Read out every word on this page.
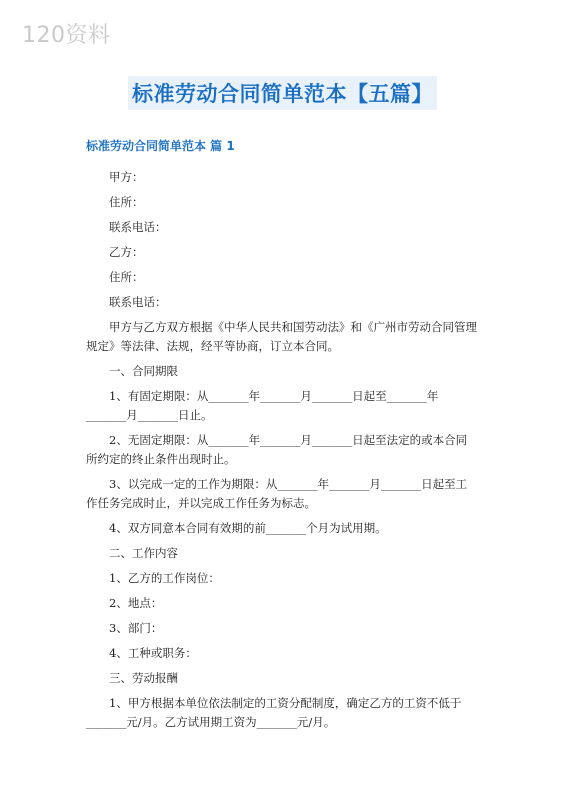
120资料
标准劳动合同简单范本【五篇】
标准劳动合同简单范本 篇 1

甲方：

住所：

联系电话：

乙方：

住所：

联系电话：

甲方与乙方双方根据《中华人民共和国劳动法》和《广州市劳动合同管理规定》等法律、法规，经平等协商，订立本合同。

一、合同期限

1、有固定期限：从_______年_______月_______日起至_______年_______月_______日止。

2、无固定期限：从_______年_______月_______日起至法定的或本合同所约定的终止条件出现时止。

3、以完成一定的工作为期限：从_______年_______月_______日起至工作任务完成时止，并以完成工作任务为标志。

4、双方同意本合同有效期的前_______个月为试用期。

二、工作内容

1、乙方的工作岗位：

2、地点：

3、部门：

4、工种或职务：

三、劳动报酬

1、甲方根据本单位依法制定的工资分配制度，确定乙方的工资不低于_______元/月。乙方试用期工资为_______元/月。
